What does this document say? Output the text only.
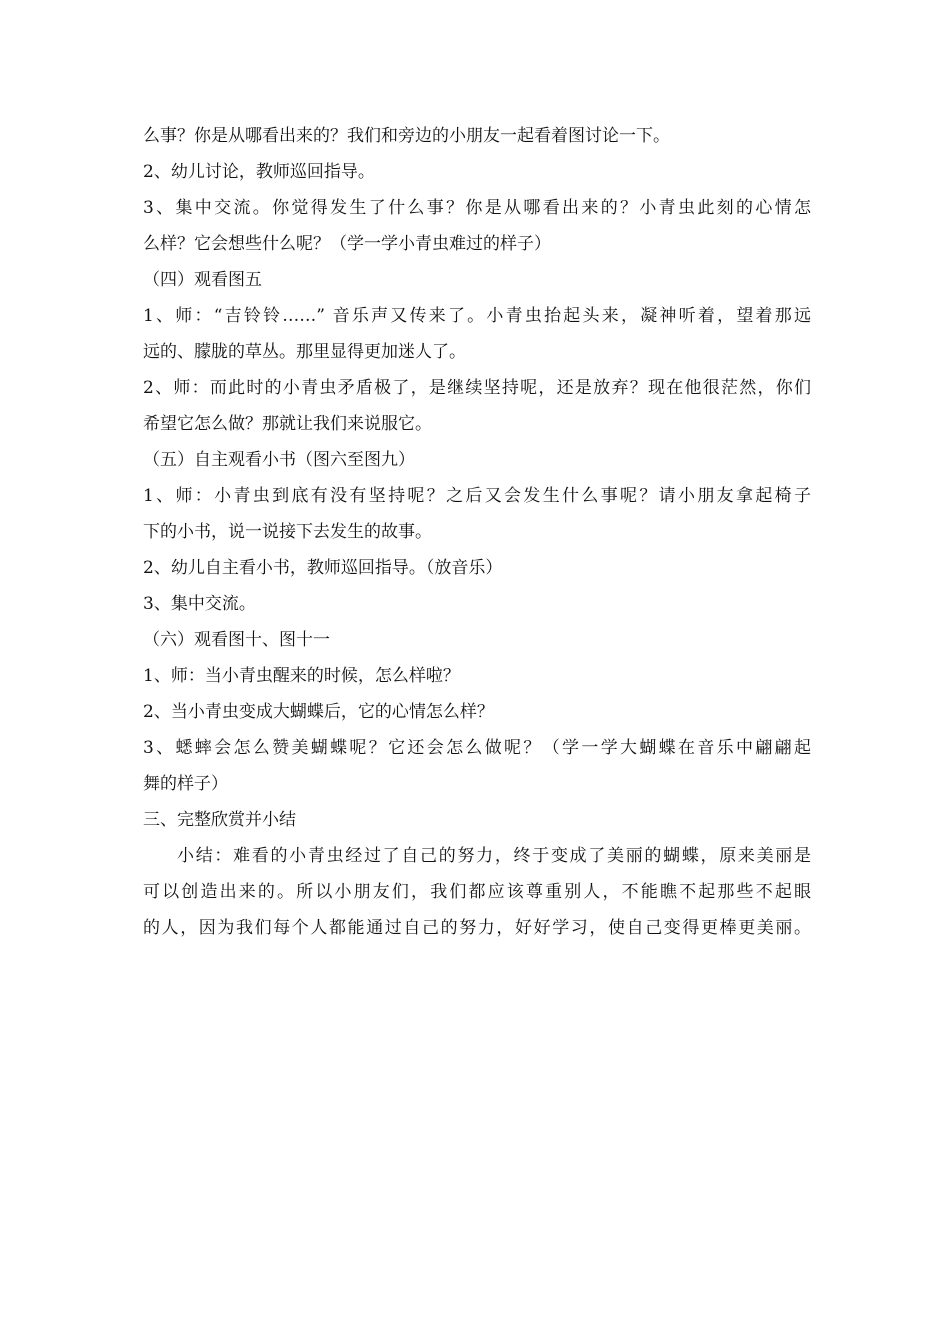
么事？你是从哪看出来的？我们和旁边的小朋友一起看着图讨论一下。
2、幼儿讨论，教师巡回指导。
3、集中交流。你觉得发生了什么事？你是从哪看出来的？小青虫此刻的心情怎
么样？它会想些什么呢？（学一学小青虫难过的样子）
（四）观看图五
1、师：“吉铃铃……” 音乐声又传来了。小青虫抬起头来，凝神听着，望着那远
远的、朦胧的草丛。那里显得更加迷人了。
2、师：而此时的小青虫矛盾极了，是继续坚持呢，还是放弃？现在他很茫然，你们
希望它怎么做？那就让我们来说服它。
（五）自主观看小书（图六至图九）
1、师：小青虫到底有没有坚持呢？之后又会发生什么事呢？请小朋友拿起椅子
下的小书，说一说接下去发生的故事。
2、幼儿自主看小书，教师巡回指导。（放音乐）
3、集中交流。
（六）观看图十、图十一
1、师：当小青虫醒来的时候，怎么样啦？
2、当小青虫变成大蝴蝶后，它的心情怎么样？
3、蟋蟀会怎么赞美蝴蝶呢？它还会怎么做呢？（学一学大蝴蝶在音乐中翩翩起
舞的样子）
三、完整欣赏并小结
小结：难看的小青虫经过了自己的努力，终于变成了美丽的蝴蝶，原来美丽是
可以创造出来的。所以小朋友们，我们都应该尊重别人，不能瞧不起那些不起眼
的人，因为我们每个人都能通过自己的努力，好好学习，使自己变得更棒更美丽。
